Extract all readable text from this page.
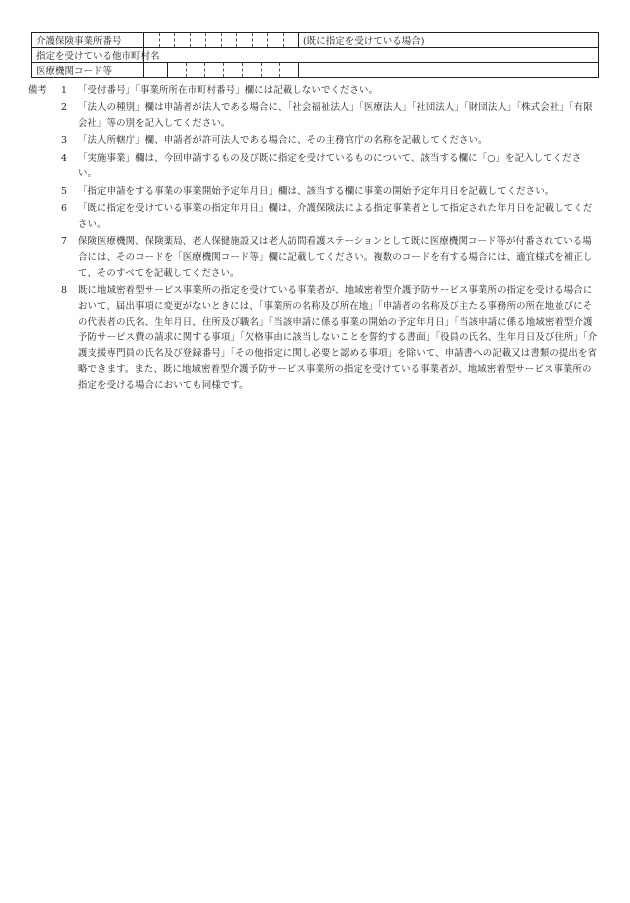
介護保険事業所番号			(既に指定を受けている場合)
指定を受けている他市町村名			
医療機関コード等		

備考	1	「受付番号」「事業所所在市町村番号」欄には記載しないでください。
2	「法人の種別」欄は申請者が法人である場合に、「社会福祉法人」「医療法人」「社団法人」「財団法人」「株式会社」「有限会社」等の別を記入してください。
3	「法人所轄庁」欄、申請者が許可法人である場合に、その主務官庁の名称を記載してください。
4	「実施事業」欄は、今回申請するもの及び既に指定を受けているものについて、該当する欄に「○」を記入してください。
5	「指定申請をする事業の事業開始予定年月日」欄は、該当する欄に事業の開始予定年月日を記載してください。
6	「既に指定を受けている事業の指定年月日」欄は、介護保険法による指定事業者として指定された年月日を記載してください。
7	保険医療機関、保険薬局、老人保健施設又は老人訪問看護ステーションとして既に医療機関コード等が付番されている場合には、そのコードを「医療機関コード等」欄に記載してください。複数のコードを有する場合には、適宜様式を補正して、そのすべてを記載してください。
8	既に地域密着型サービス事業所の指定を受けている事業者が、地域密着型介護予防サービス事業所の指定を受ける場合において、届出事項に変更がないときには、「事業所の名称及び所在地」「申請者の名称及び主たる事務所の所在地並びにその代表者の氏名、生年月日、住所及び職名」「当該申請に係る事業の開始の予定年月日」「当該申請に係る地域密着型介護予防サービス費の請求に関する事項」「欠格事由に該当しないことを誓約する書面」「役員の氏名、生年月日及び住所」「介護支援専門員の氏名及び登録番号」「その他指定に関し必要と認める事項」を除いて、申請書への記載又は書類の提出を省略できます。また、既に地域密着型介護予防サービス事業所の指定を受けている事業者が、地域密着型サービス事業所の指定を受ける場合においても同様です。
